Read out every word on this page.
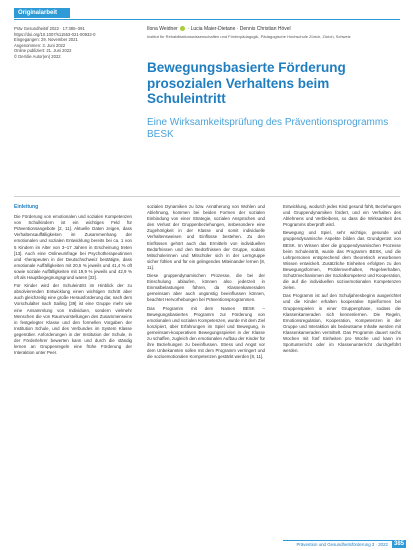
Originalarbeit
Präv Gesundheitsf 2022 · 17:385–391
https://doi.org/10.1007/s11553-021-00932-0
Eingegangen: 29. November 2021
Angenommen: 3. Juni 2022
Online publiziert: 21. Juni 2022
© Der/die Autor(en) 2022
Ilona Weidner · Lucia Maier-Dietane · Dennis Christian Hövel
Institut für Rehabilitationswissenschaften und Förderpädagogik, Pädagogische Hochschule Zürich, Zürich, Schweiz
Bewegungsbasierte Förderung prosozialen Verhaltens beim Schuleintritt
Eine Wirksamkeitsprüfung des Präventionsprogramms BESK
Einleitung

Die Förderung von emotionalen und sozialen Kompetenzen von Schulkindern ist ein wichtiges Feld für Präventionsangebote [2, 11]. Aktuelle Daten zeigen, dass Verhaltensauffälligkeiten im Zusammenhang der emotionalen und sozialen Entwicklung bereits bei ca. 1 von 5 Kindern im Alter von 3–17 Jahren in Erscheinung treten [13]. Auch eine Onlineumfrage bei Psychotherapeutinnen und -therapeuten in der Deutschschweiz bestätigte, dass emotionale Auffälligkeiten mit 20,5 % jeweils und 41,4 % oft sowie soziale Auffälligkeiten mit 19,9 % jeweils und 42,9 % oft als Hauptbegegnungsgrund waren [32].

Für Kinder wird der Schuleintritt im Hinblick der zu absolvierenden Entwicklung einen wichtigen Schritt aber auch gleichzeitig eine große Herausforderung dar, nach dem Vorschulalter nach Sailing [39] ist eine Gruppe mehr wie eine Ansammlung von Individuen, sondern vielmehr Menschen die von Raumvorstellungen des Zusammenseins in festgelegter Klasse und den formellen Vorgaben der Institution Schule, und des Verbundes im System Klasse gegenüber. Anforderungen in der Institution der Schule, in der Förderlehrer bewerten kann und durch die ständig lernen an Gruppenregeln eine frühe Förderung der Interaktion unter Peer.

sozialen Dynamiken zu bzw. Annäherung von Wohlen und Ablehnung, kommen bei beiden Formen der sozialen Einbindung von einer Strategie, sozialen Ansprüchen und den Verlust der Gruppenbeziehungen, insbesondere eine Zugehörigkeit in der Klasse und somit individuelle Verhaltensweisen und Einflüsse bestehen. Zu den Einflüssen gehört auch das Ermitteln von individuellen Bedürfnissen und den Bedürfnissen der Gruppe, sodass Mitschülerinnen und Mitschüler sich in der Lerngruppe sicher fühlen und für ein gelingendes Miteinander lernen [8, 11].

Diese gruppendynamischen Prozesse, die bei der Einschulung ablaufen, können also jederzeit in Einmalbelastungen führen, da Klassenkameraden gemeinsam aber auch ungünstig beeinflussen können, beachtet Hervorhebungen bei Präventionsprogrammen.

Das Programm mit dem Namen BESK – Bewegungsbasiertes Programm zur Förderung von emotionalen und sozialen Kompetenzen, wurde mit dem Ziel konzipiert, über Erfahrungen im Spiel und Bewegung, in gemeinsam-kooperativen Bewegungsspielen in der Klasse zu schaffen, zugleich den emotionalen Aufbau der Kinder für ihre Beziehungen zu beeinflussen. Stress und Angst vor dem Unbekannten sollen mit dem Programm verringert und die sozioemotionalen Kompetenzen gestärkt werden [8, 11].

Entwicklung, wodurch jedes Kind gesund fühlt, Beziehungen und Gruppendynamiken fördert, und ein Verhalten des Ablehnens und Verbleibens, so dass die Wirksamkeit des Programms überprüft wird.

Bewegung und Spiel, sehr wichtige, gesunde und gruppendynamische Aspekte bilden das Grundgerüst von BESK. Im Wissen über die gruppendynamischen Prozesse beim Schuleintritt, wurde das Programm BESK, und die Lehrpersonen entsprechend dem theoretisch erworbenen Wissen entwickelt. Zusätzliche Einheiten erfolgten zu den Bewegungsformen, Problemverhalten, Regelverhalten, Schutzmechanismen der Sozialkompetenz und Kooperation, die auf die individuellen sozioemotionalen Kompetenzen zielen.

Das Programm ist auf den Schuljahresbeginn ausgerichtet und die Kinder erhalten kooperative Spielformen bei Gruppenspielen in einer Gruppenphase, sodass die Klassenkameraden sich kennenlernen. Die Regeln, Emotionsregulation, Kooperation, Kompetenzen in der Gruppe und Interaktion als bedeutsame Inhalte werden mit Klassenkameraden vermittelt. Das Programm dauert sechs Wochen mit fünf Einheiten pro Woche und kann im Sportunterricht oder im Klassenunterricht durchgeführt werden.

Prävention und Gesundheitsförderung 3 · 2022	385
